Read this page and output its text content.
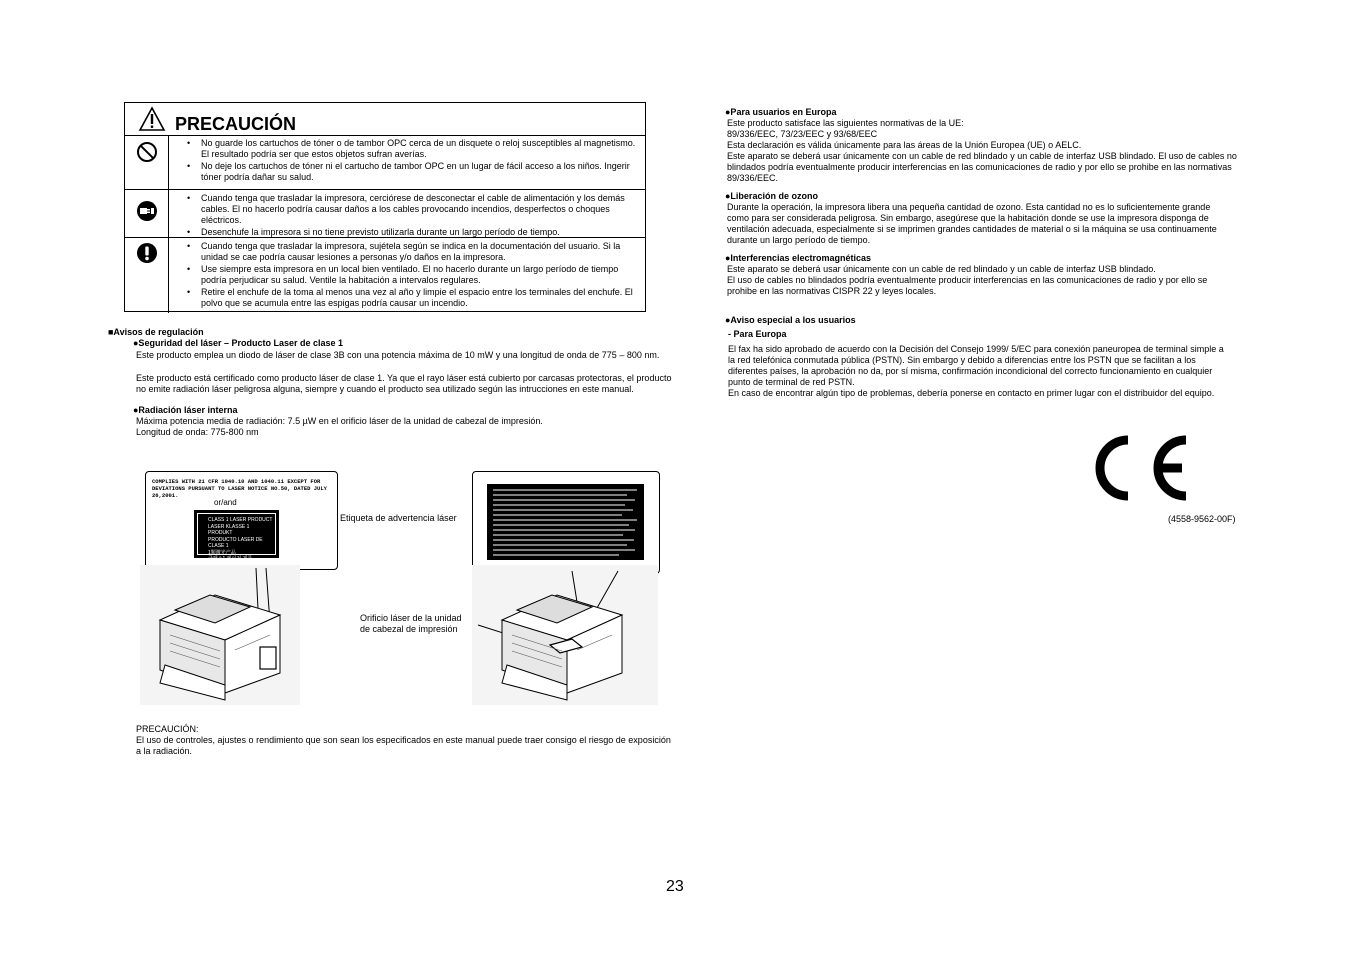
PRECAUCIÓN
• No guarde los cartuchos de tóner o de tambor OPC cerca de un disquete o reloj susceptibles al magnetismo. El resultado podría ser que estos objetos sufran averías.
• No deje los cartuchos de tóner ni el cartucho de tambor OPC en un lugar de fácil acceso a los niños. Ingerir tóner podría dañar su salud.
• Cuando tenga que trasladar la impresora, cerciórese de desconectar el cable de alimentación y los demás cables. El no hacerlo podría causar daños a los cables provocando incendios, desperfectos o choques eléctricos.
• Desenchufe la impresora si no tiene previsto utilizarla durante un largo período de tiempo.
• Cuando tenga que trasladar la impresora, sujétela según se indica en la documentación del usuario. Si la unidad se cae podría causar lesiones a personas y/o daños en la impresora.
• Use siempre esta impresora en un local bien ventilado. El no hacerlo durante un largo período de tiempo podría perjudicar su salud. Ventile la habitación a intervalos regulares.
• Retire el enchufe de la toma al menos una vez al año y limpie el espacio entre los terminales del enchufe. El polvo que se acumula entre las espigas podría causar un incendio.
■Avisos de regulación
●Seguridad del láser – Producto Laser de clase 1

Este producto emplea un diodo de láser de clase 3B con una potencia máxima de 10 mW y una longitud de onda de 775 – 800 nm.

Este producto está certificado como producto láser de clase 1. Ya que el rayo láser está cubierto por carcasas protectoras, el producto no emite radiación láser peligrosa alguna, siempre y cuando el producto sea utilizado según las intrucciones en este manual.

●Radiación láser interna

Máxima potencia media de radiación: 7.5 µW en el orificio láser de la unidad de cabezal de impresión.

Longitud de onda: 775-800 nm

COMPLIES WITH 21 CFR 1040.10 AND 1040.11 EXCEPT FOR
DEVIATIONS PURSUANT TO LASER NOTICE NO.50, DATED JULY 26,2001.
or/and
CLASS 1 LASER PRODUCT
LASER KLASSE 1 PRODUKT
PRODUCTO LASER DE CLASE 1
1類激光产品
클래스1 레이저 제품
Etiqueta de advertencia láser
Orificio láser de la unidad
de cabezal de impresión
PRECAUCIÓN:

El uso de controles, ajustes o rendimiento que son sean los especificados en este manual puede traer consigo el riesgo de exposición a la radiación.

●Para usuarios en Europa

Este producto satisface las siguientes normativas de la UE:

89/336/EEC, 73/23/EEC y 93/68/EEC

Esta declaración es válida únicamente para las áreas de la Unión Europea (UE) o AELC.

Este aparato se deberá usar únicamente con un cable de red blindado y un cable de interfaz USB blindado. El uso de cables no blindados podría eventualmente producir interferencias en las comunicaciones de radio y por ello se prohibe en las normativas 89/336/EEC.

●Liberación de ozono

Durante la operación, la impresora libera una pequeña cantidad de ozono. Esta cantidad no es lo suficientemente grande como para ser considerada peligrosa. Sin embargo, asegúrese que la habitación donde se use la impresora disponga de ventilación adecuada, especialmente si se imprimen grandes cantidades de material o si la máquina se usa continuamente durante un largo período de tiempo.

●Interferencias electromagnéticas

Este aparato se deberá usar únicamente con un cable de red blindado y un cable de interfaz USB blindado.

El uso de cables no blindados podría eventualmente producir interferencias en las comunicaciones de radio y por ello se prohibe en las normativas CISPR 22 y leyes locales.

●Aviso especial a los usuarios
- Para Europa

El fax ha sido aprobado de acuerdo con la Decisión del Consejo 1999/ 5/EC para conexión paneuropea de terminal simple a la red telefónica conmutada pública (PSTN). Sin embargo y debido a diferencias entre los PSTN que se facilitan a los diferentes países, la aprobación no da, por sí misma, confirmación incondicional del correcto funcionamiento en cualquier punto de terminal de red PSTN.

En caso de encontrar algún tipo de problemas, debería ponerse en contacto en primer lugar con el distribuidor del equipo.

(4558-9562-00F)
23
